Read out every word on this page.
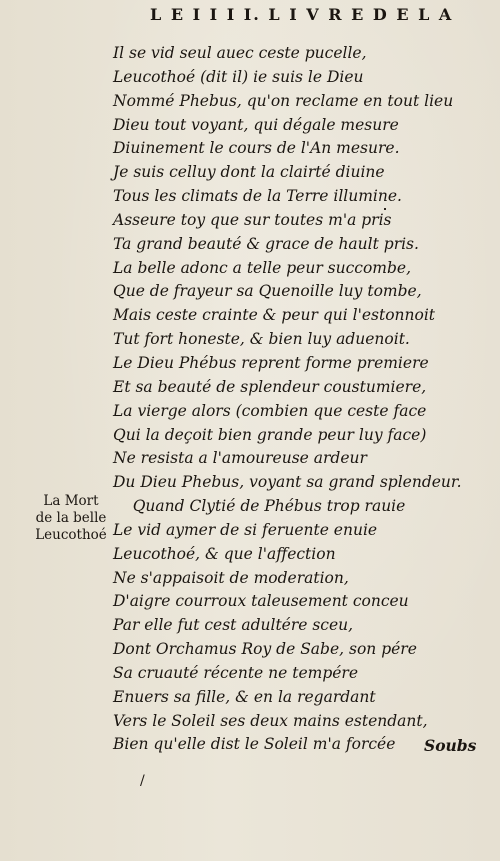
L E I I I I. L I V R E D E L A
Il se vid seul auec ceste pucelle,
Leucothoé (dit il) ie suis le Dieu
Nommé Phebus, qu'on reclame en tout lieu
Dieu tout voyant, qui dégale mesure
Diuinement le cours de l'An mesure.
Je suis celluy dont la clairté diuine
Tous les climats de la Terre illumine.
Asseure toy que sur toutes m'a pris
Ta grand beauté & grace de hault pris.
La belle adonc a telle peur succombe,
Que de frayeur sa Quenoille luy tombe,
Mais ceste crainte & peur qui l'estonnoit
Tut fort honeste, & bien luy aduenoit.
Le Dieu Phébus reprent forme premiere
Et sa beauté de splendeur coustumiere,
La vierge alors (combien que ceste face
Qui la deçoit bien grande peur luy face)
Ne resista a l'amoureuse ardeur
Du Dieu Phebus, voyant sa grand splendeur.
Quand Clytié de Phébus trop rauie
Le vid aymer de si feruente enuie
Leucothoé, & que l'affection
Ne s'appaisoit de moderation,
D'aigre courroux taleusement conceu
Par elle fut cest adultére sceu,
Dont Orchamus Roy de Sabe, son pére
Sa cruauté récente ne tempére
Enuers sa fille, & en la regardant
Vers le Soleil ses deux mains estendant,
Bien qu'elle dist le Soleil m'a forcée
La Mort
de la belle
Leucothoé
Soubs
/
